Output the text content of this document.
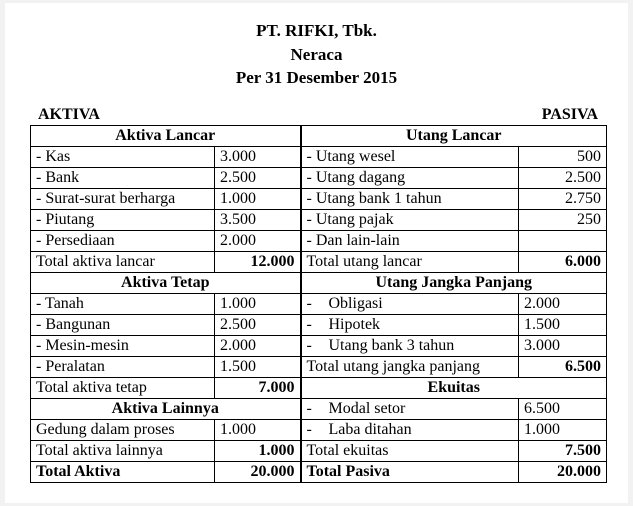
PT. RIFKI, Tbk.
Neraca
Per 31 Desember 2015
AKTIVA	PASIVA
Aktiva Lancar		Utang Lancar	
- Kas	3.000	- Utang wesel	500
- Bank	2.500	- Utang dagang	2.500
- Surat-surat berharga	1.000	- Utang bank 1 tahun	2.750
- Piutang	3.500	- Utang pajak	250
- Persediaan	2.000	- Dan lain-lain	
Total aktiva lancar	12.000	Total utang lancar	6.000
Aktiva Tetap		Utang Jangka Panjang	
- Tanah	1.000	- Obligasi	2.000
- Bangunan	2.500	- Hipotek	1.500
- Mesin-mesin	2.000	- Utang bank 3 tahun	3.000
- Peralatan	1.500	Total utang jangka panjang	6.500
Total aktiva tetap	7.000	Ekuitas	
Aktiva Lainnya		- Modal setor	6.500
Gedung dalam proses	1.000	- Laba ditahan	1.000
Total aktiva lainnya	1.000	Total ekuitas	7.500
Total Aktiva	20.000	Total Pasiva	20.000
